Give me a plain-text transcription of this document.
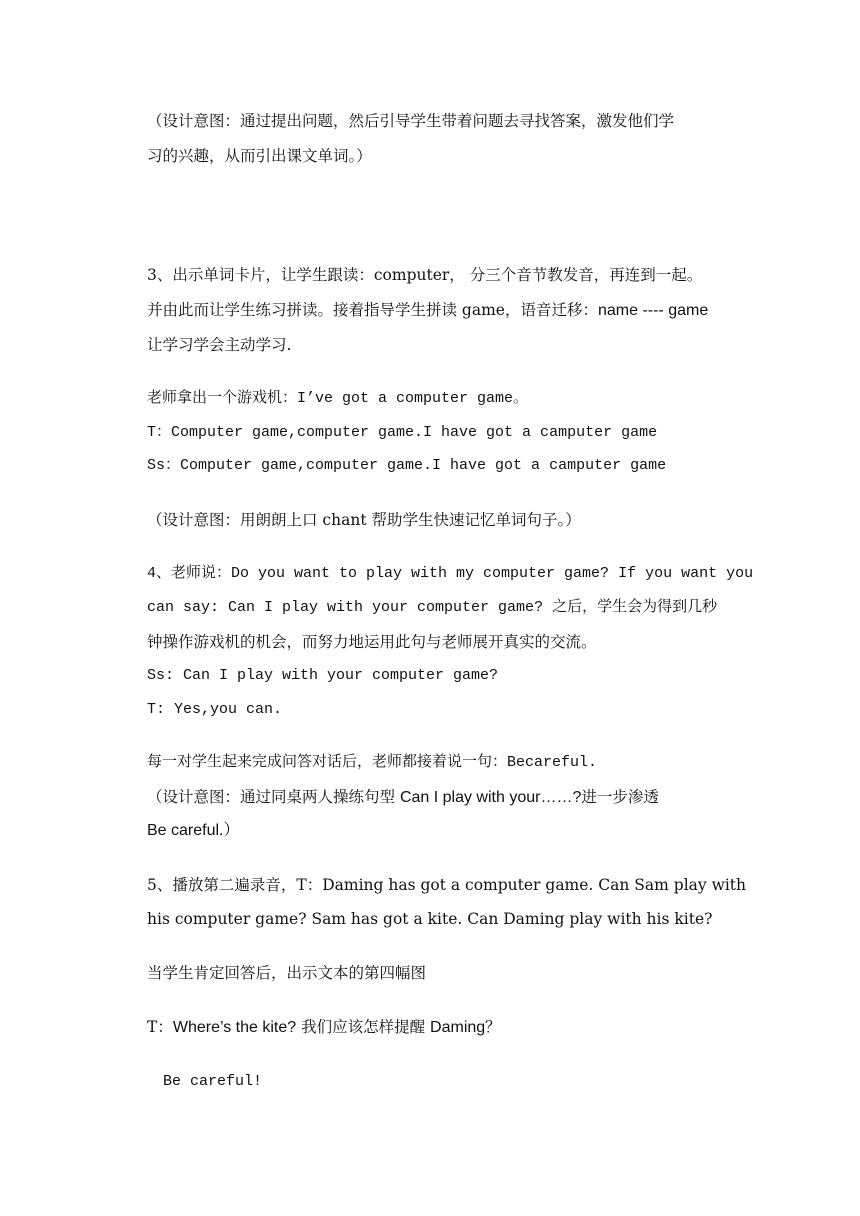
（设计意图：通过提出问题，然后引导学生带着问题去寻找答案，激发他们学
习的兴趣，从而引出课文单词。）
3、出示单词卡片，让学生跟读：computer， 分三个音节教发音，再连到一起。
并由此而让学生练习拼读。接着指导学生拼读 game，语音迁移：name ---- game
让学习学会主动学习.
老师拿出一个游戏机：I’ve got a computer game。
T：Computer game,computer game.I have got a camputer game
Ss：Computer game,computer game.I have got a camputer game
（设计意图：用朗朗上口 chant 帮助学生快速记忆单词句子。）
4、老师说：Do you want to play with my computer game? If you want you
can say: Can I play with your computer game? 之后，学生会为得到几秒
钟操作游戏机的机会，而努力地运用此句与老师展开真实的交流。
Ss: Can I play with your computer game?
T: Yes,you can.
每一对学生起来完成问答对话后，老师都接着说一句：Becareful.
（设计意图：通过同桌两人操练句型 Can I play with your……?进一步渗透
Be careful.）
5、播放第二遍录音，T：Daming has got a computer game. Can Sam play with
his computer game? Sam has got a kite. Can Daming play with his kite?
当学生肯定回答后，出示文本的第四幅图
T：Where’s the kite? 我们应该怎样提醒 Daming？
Be careful!
